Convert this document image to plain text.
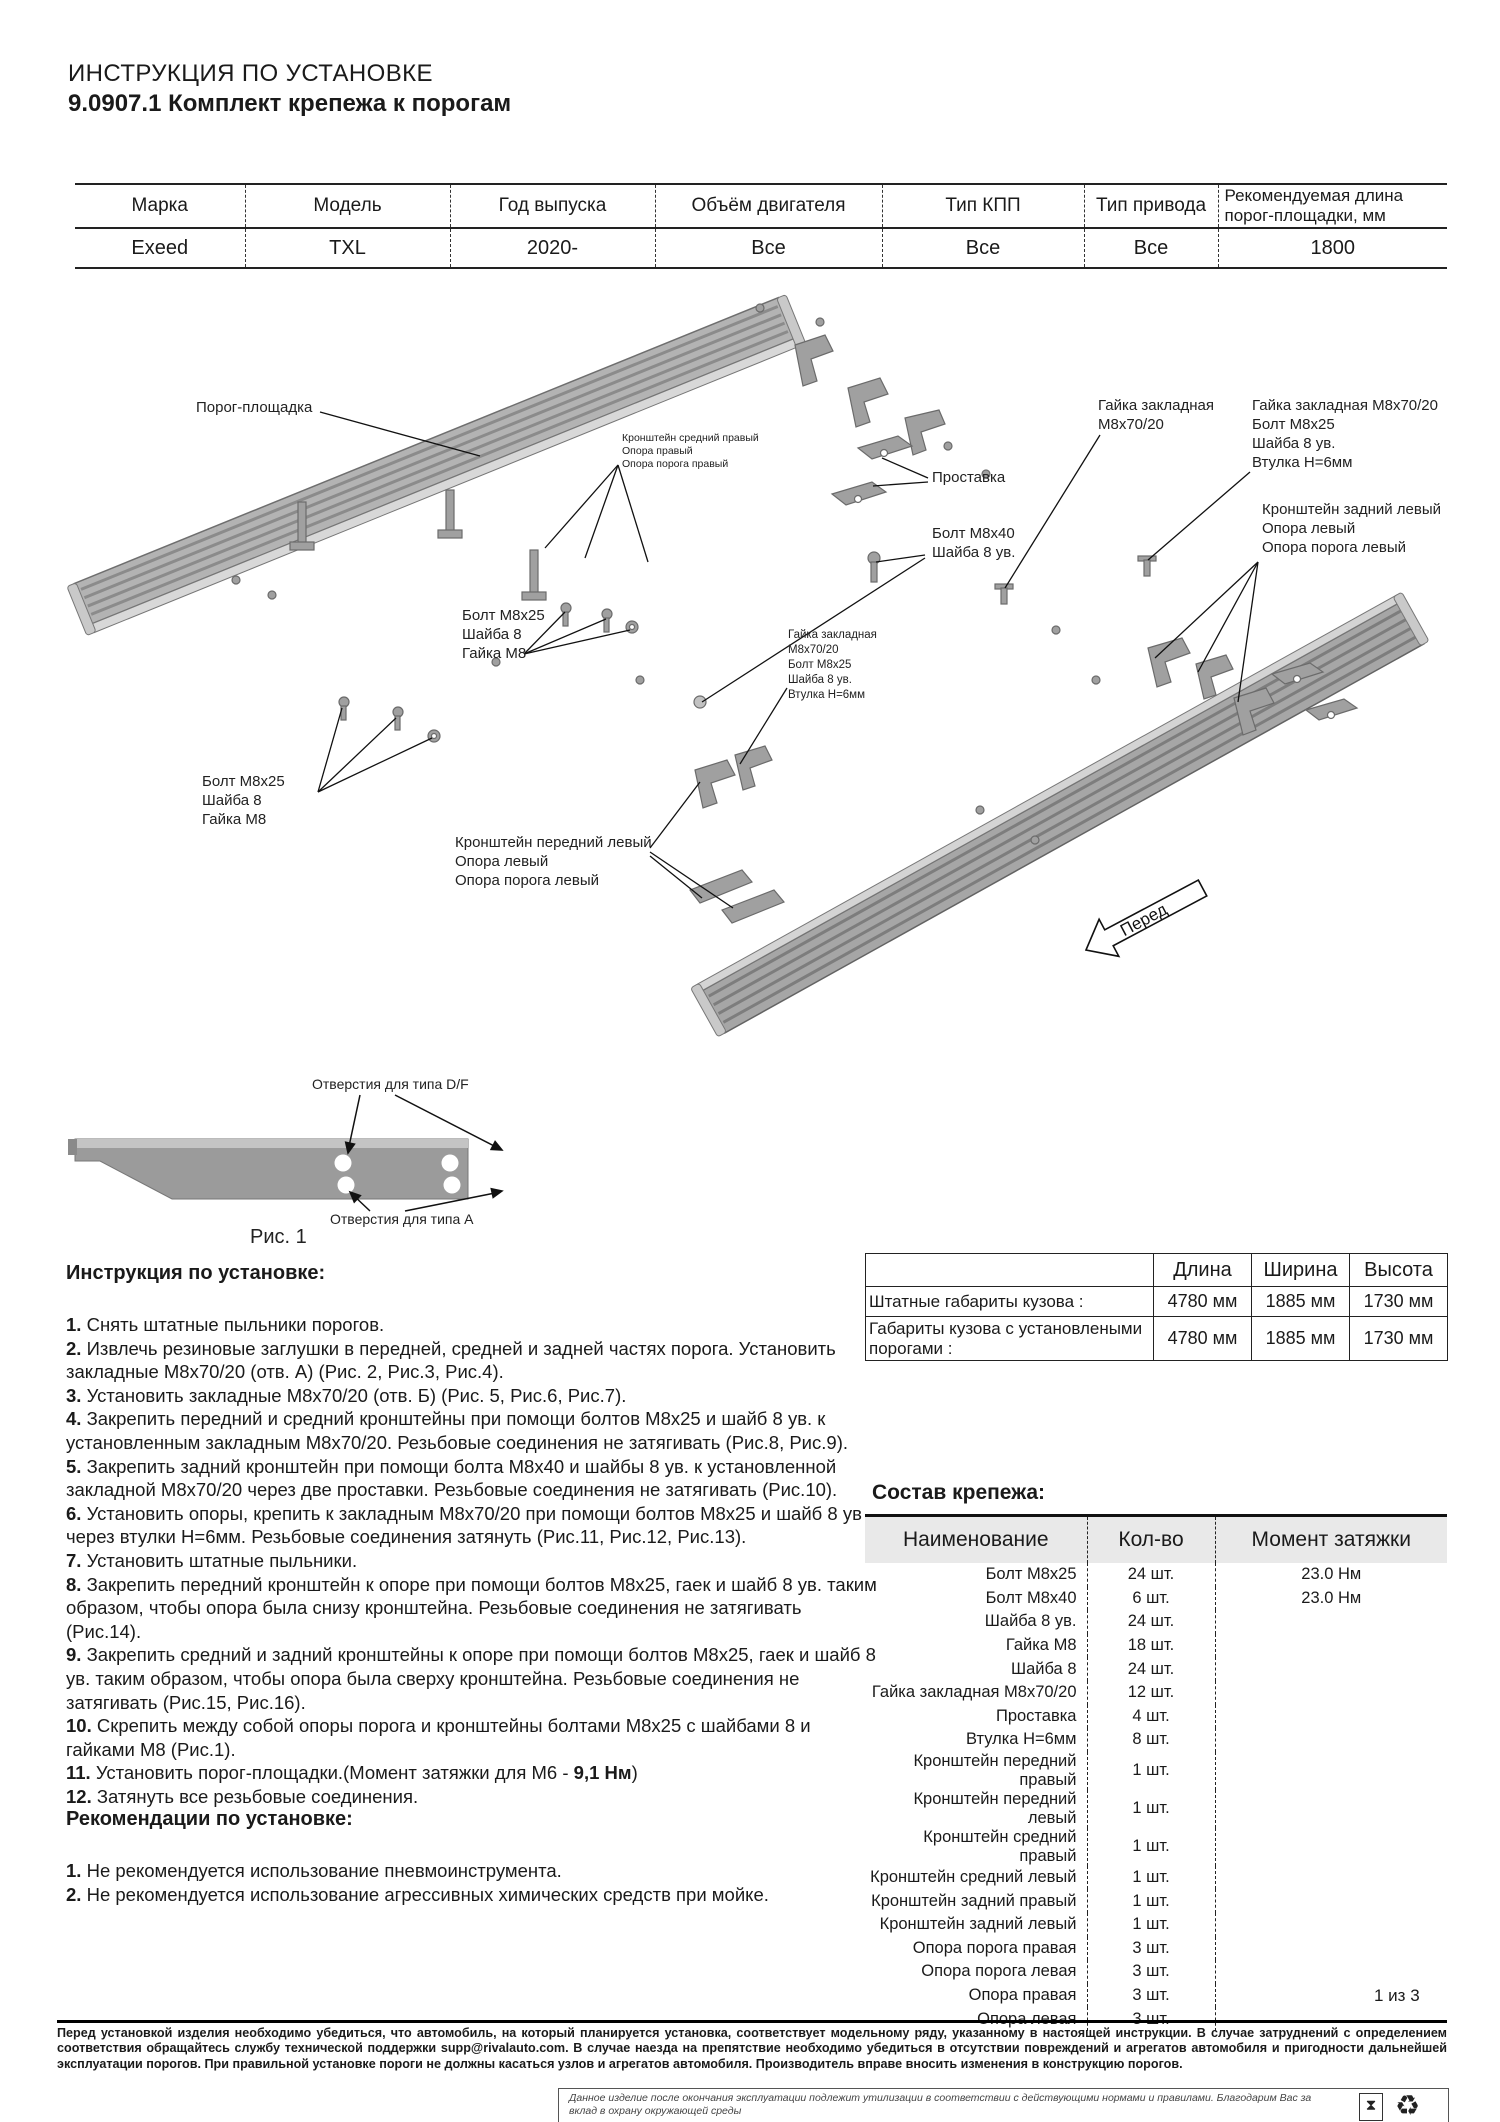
ИНСТРУКЦИЯ ПО УСТАНОВКЕ
9.0907.1 Комплект крепежа к порогам
Марка	Модель	Год выпуска	Объём двигателя	Тип КПП	Тип привода	Рекомендуемая длина порог-площадки, мм
Exeed	TXL	2020-	Все	Все	Все	1800
Перед
Порог-площадка
Кронштейн средний правый
Опора правый
Опора порога правый
Проставка
Гайка закладная
M8x70/20
Гайка закладная M8x70/20
Болт M8x25
Шайба 8 ув.
Втулка H=6мм
Кронштейн задний левый
Опора левый
Опора порога левый
Болт M8x40
Шайба 8 ув.
Болт M8x25
Шайба 8
Гайка M8
Гайка закладная
M8x70/20
Болт M8x25
Шайба 8 ув.
Втулка H=6мм
Болт M8x25
Шайба 8
Гайка M8
Кронштейн передний левый
Опора левый
Опора порога левый
Отверстия для типа D/F
Отверстия для типа A
Рис. 1
Инструкция по установке:

1. Снять штатные пыльники порогов.

2. Извлечь резиновые заглушки в передней, средней и задней частях порога. Установить закладные М8х70/20 (отв. А) (Рис. 2, Рис.3, Рис.4).

3. Установить закладные М8х70/20 (отв. Б) (Рис. 5, Рис.6, Рис.7).

4. Закрепить передний и средний кронштейны при помощи болтов М8х25 и шайб 8 ув. к установленным закладным М8х70/20. Резьбовые соединения не затягивать (Рис.8, Рис.9).

5. Закрепить задний кронштейн при помощи болта М8х40 и шайбы 8 ув. к установленной закладной М8х70/20 через две проставки. Резьбовые соединения не затягивать (Рис.10).

6. Установить опоры, крепить к закладным М8х70/20 при помощи болтов М8х25 и шайб 8 ув через втулки Н=6мм. Резьбовые соединения затянуть (Рис.11, Рис.12, Рис.13).

7. Установить штатные пыльники.

8. Закрепить передний кронштейн к опоре при помощи болтов М8х25, гаек и шайб 8 ув. таким образом, чтобы опора была снизу кронштейна. Резьбовые соединения не затягивать (Рис.14).

9. Закрепить средний и задний кронштейны к опоре при помощи болтов М8х25, гаек и шайб 8 ув. таким образом, чтобы опора была сверху кронштейна. Резьбовые соединения не затягивать (Рис.15, Рис.16).

10. Скрепить между собой опоры порога и кронштейны болтами М8х25 с шайбами 8 и гайками М8 (Рис.1).

11. Установить порог-площадки.(Момент затяжки для М6 - 9,1 Нм)

12. Затянуть все резьбовые соединения.

Рекомендации по установке:

1. Не рекомендуется использование пневмоинструмента.

2. Не рекомендуется использование агрессивных химических средств при мойке.

	Длина	Ширина	Высота
Штатные габариты кузова :	4780 мм	1885 мм	1730 мм
Габариты кузова с установлеными порогами :	4780 мм	1885 мм	1730 мм
Состав крепежа:
Наименование	Кол-во	Момент затяжки
Болт M8x25	24 шт.	23.0 Нм
Болт M8x40	6 шт.	23.0 Нм
Шайба 8 ув.	24 шт.	
Гайка M8	18 шт.	
Шайба 8	24 шт.	
Гайка закладная M8x70/20	12 шт.	
Проставка	4 шт.	
Втулка H=6мм	8 шт.	
Кронштейн передний правый	1 шт.	
Кронштейн передний левый	1 шт.	
Кронштейн средний правый	1 шт.	
Кронштейн средний левый	1 шт.	
Кронштейн задний правый	1 шт.	
Кронштейн задний левый	1 шт.	
Опора порога правая	3 шт.	
Опора порога левая	3 шт.	
Опора правая	3 шт.	
Опора левая	3 шт.	
1 из 3
Перед установкой изделия необходимо убедиться, что автомобиль, на который планируется установка, соответствует модельному ряду, указанному в настоящей инструкции. В случае затруднений с определением соответствия обращайтесь службу технической поддержки supp@rivalauto.com. В случае наезда на препятствие необходимо убедиться в отсутствии повреждений и агрегатов автомобиля и пригодности дальнейшей эксплуатации порогов. При правильной установке пороги не должны касаться узлов и агрегатов автомобиля. Производитель вправе вносить изменения в конструкцию порогов.
Данное изделие после окончания эксплуатации подлежит утилизации в соответствии с действующими нормами и правилами. Благодарим Вас за вклад в охрану окружающей среды	⧗ ♻
